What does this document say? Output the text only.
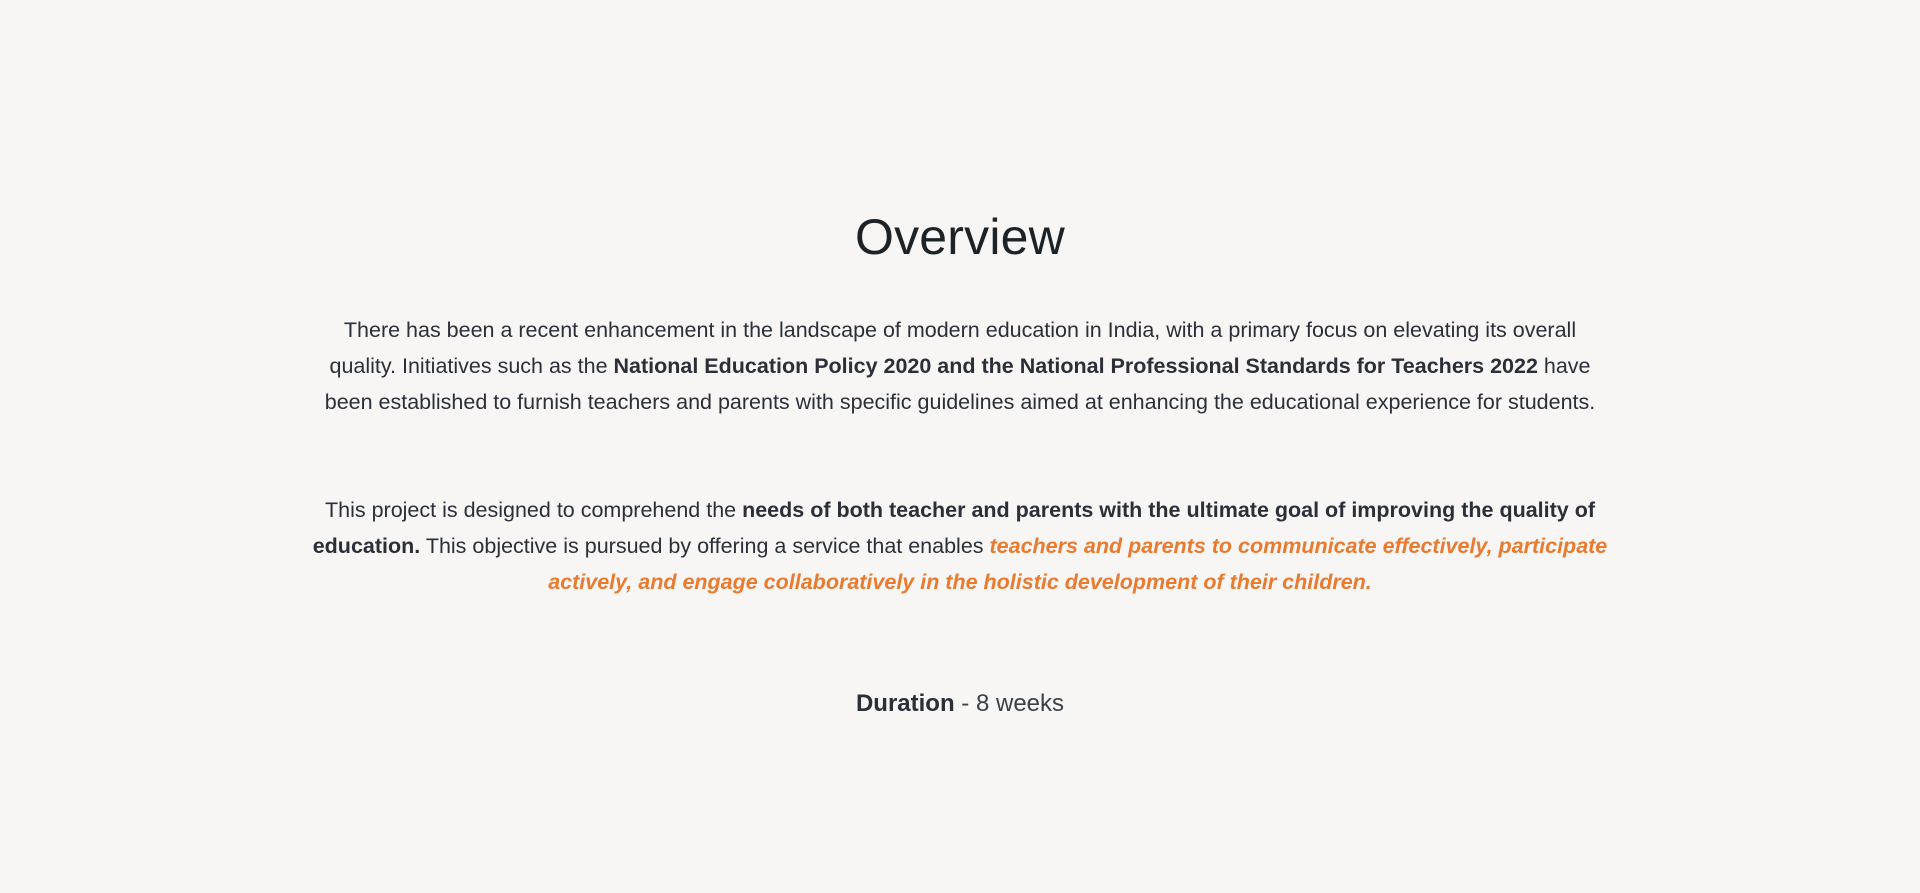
Overview

There has been a recent enhancement in the landscape of modern education in India, with a primary focus on elevating its overall quality. Initiatives such as the National Education Policy 2020 and the National Professional Standards for Teachers 2022 have been established to furnish teachers and parents with specific guidelines aimed at enhancing the educational experience for students.

This project is designed to comprehend the needs of both teacher and parents with the ultimate goal of improving the quality of education. This objective is pursued by offering a service that enables teachers and parents to communicate effectively, participate actively, and engage collaboratively in the holistic development of their children.

Duration - 8 weeks
